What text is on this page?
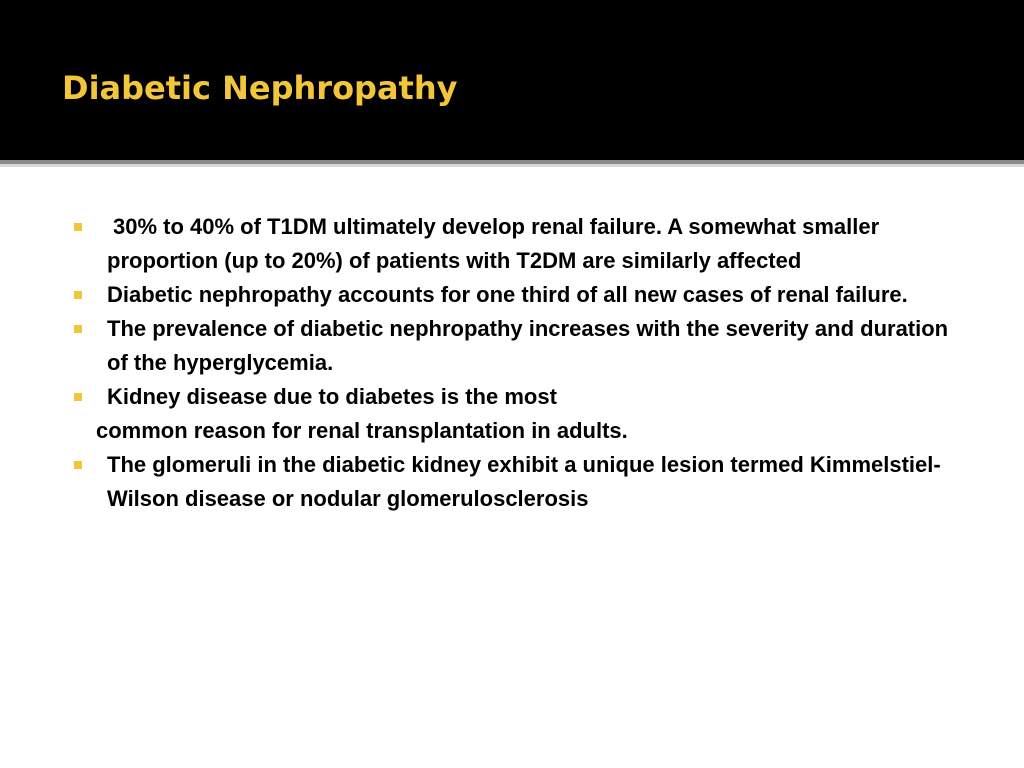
Diabetic Nephropathy
30% to 40% of T1DM ultimately develop renal failure. A somewhat smaller proportion (up to 20%) of patients with T2DM are similarly affected
Diabetic nephropathy accounts for one third of all new cases of renal failure.
The prevalence of diabetic nephropathy increases with the severity and duration of the hyperglycemia.
Kidney disease due to diabetes is the most
common reason for renal transplantation in adults.
The glomeruli in the diabetic kidney exhibit a unique lesion termed Kimmelstiel-Wilson disease or nodular glomerulosclerosis
